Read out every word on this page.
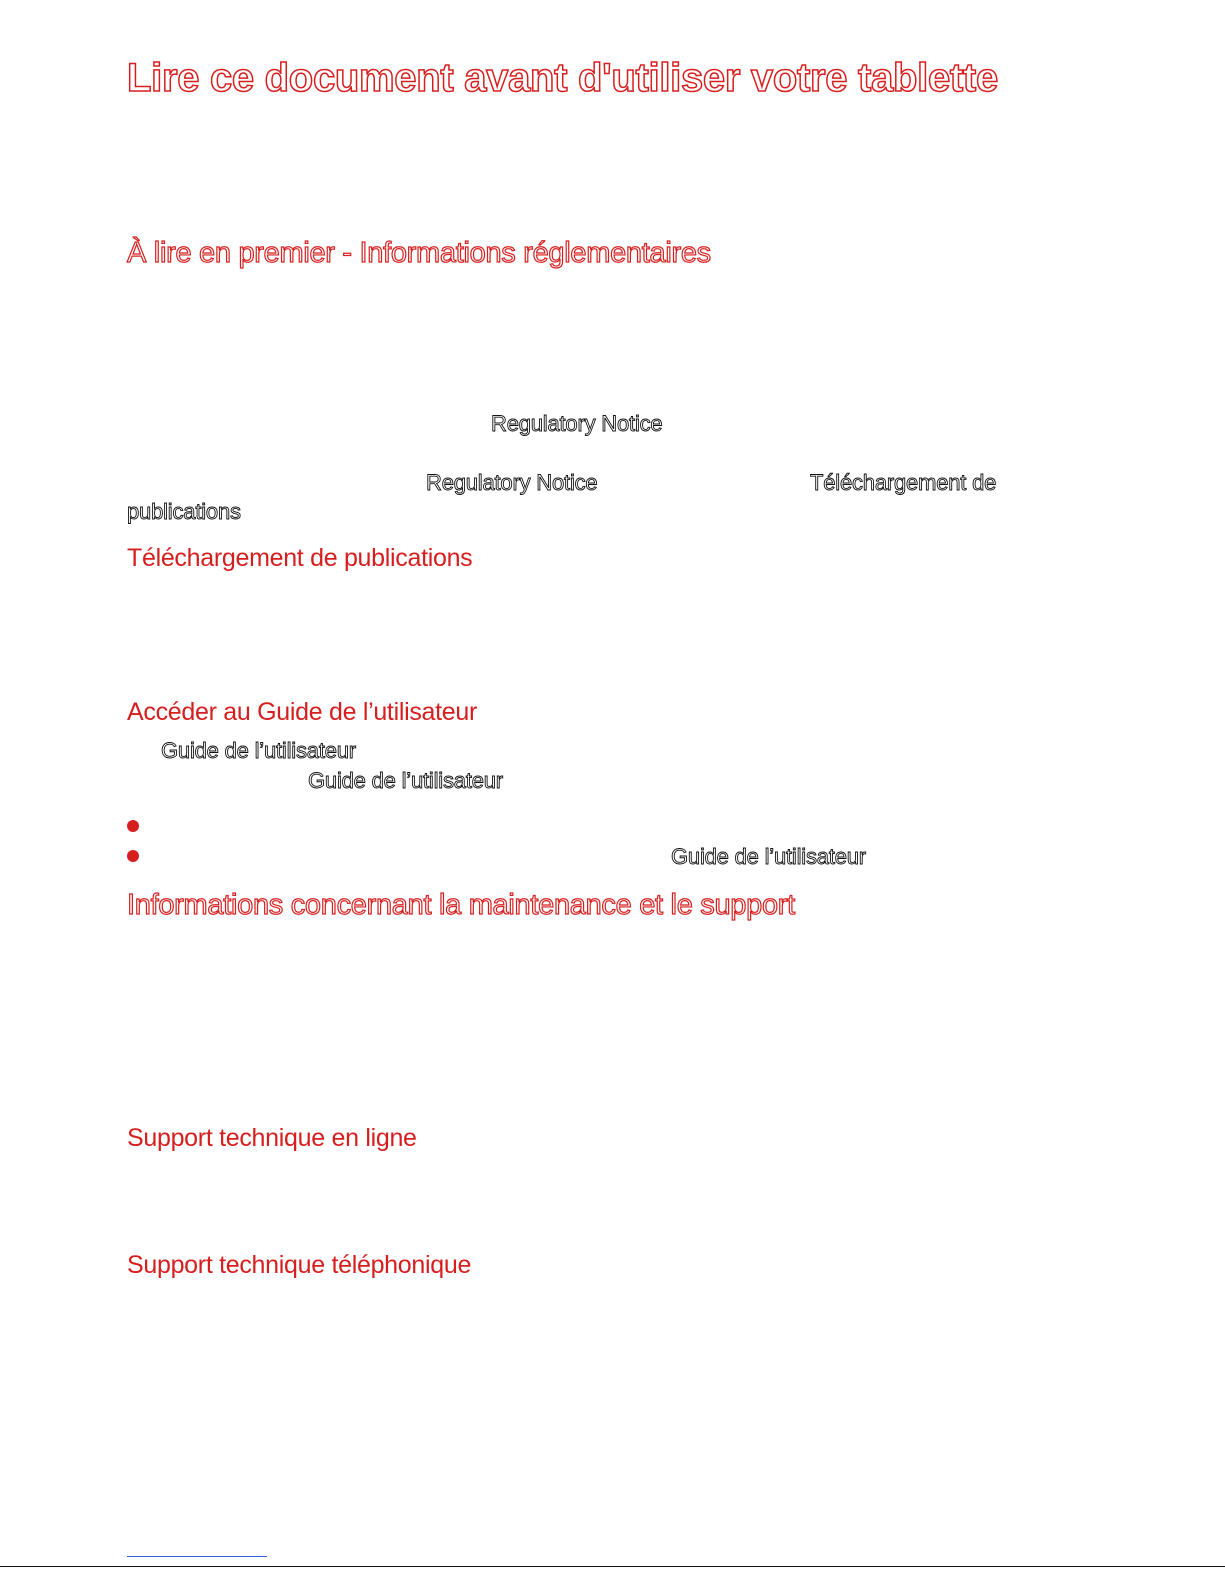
Lire ce document avant d'utiliser votre tablette
À lire en premier - Informations réglementaires
Regulatory Notice
Regulatory Notice	Téléchargement de
publications
Téléchargement de publications
Accéder au Guide de l’utilisateur
Guide de l’utilisateur
Guide de l’utilisateur
Guide de l’utilisateur
Informations concernant la maintenance et le support
Support technique en ligne
Support technique téléphonique
